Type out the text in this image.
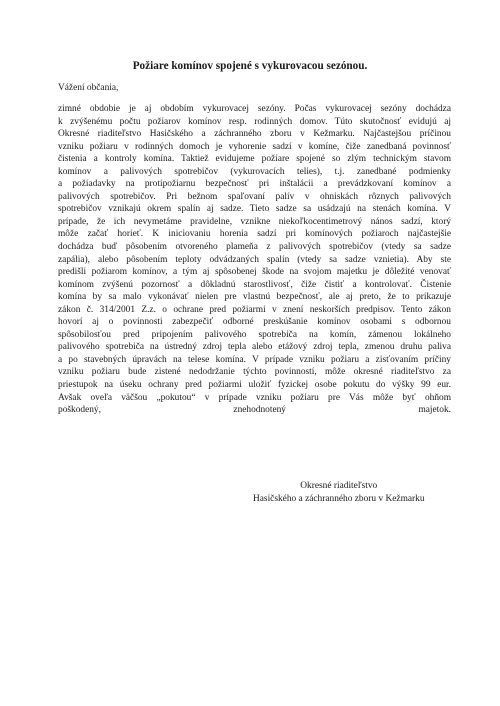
Požiare komínov spojené s vykurovacou sezónou.
Vážení občania,
zimné obdobie je aj obdobím vykurovacej sezóny. Počas vykurovacej sezóny dochádza
k zvýšenému počtu požiarov komínov resp. rodinných domov. Túto skutočnosť evidujú aj
Okresné riaditeľstvo Hasičského a záchranného zboru v Kežmarku. Najčastejšou príčinou
vzniku požiaru v rodinných domoch je vyhorenie sadzí v komíne, čiže zanedbaná povinnosť
čistenia a kontroly komína. Taktiež evidujeme požiare spojené so zlým technickým stavom
komínov a palivových spotrebičov (vykurovacích telies), t.j. zanedbané podmienky
a požiadavky na protipožiarnu bezpečnosť pri inštalácii a prevádzkovaní komínov a
palivových spotrebičov. Pri bežnom spaľovaní palív v ohniskách rôznych palivových
spotrebičov vznikajú okrem spalín aj sadze. Tieto sadze sa usádzajú na stenách komína. V
prípade, že ich nevymetáme pravidelne, vznikne niekoľkocentimetrový nános sadzí, ktorý
môže začať horieť. K iniciovaniu horenia sadzí pri komínových požiaroch najčastejšie
dochádza buď pôsobením otvoreného plameňa z palivových spotrebičov (vtedy sa sadze
zapália), alebo pôsobením teploty odvádzaných spalín (vtedy sa sadze vznietia). Aby ste
predišli požiarom komínov, a tým aj spôsobenej škode na svojom majetku je dôležité venovať
komínom zvýšenú pozornosť a dôkladnú starostlivosť, čiže čistiť a kontrolovať. Čistenie
komína by sa malo vykonávať nielen pre vlastnú bezpečnosť, ale aj preto, že to prikazuje
zákon č. 314/2001 Z.z. o ochrane pred požiarmi v znení neskorších predpisov. Tento zákon
hovorí aj o povinnosti zabezpečiť odborné preskúšanie komínov osobami s odbornou
spôsobilosťou pred pripojením palivového spotrebiča na komín, zámenou lokálneho
palivového spotrebiča na ústredný zdroj tepla alebo etážový zdroj tepla, zmenou druhu paliva
a po stavebných úpravách na telese komína. V prípade vzniku požiaru a zisťovaním príčiny
vzniku požiaru bude zistené nedodržanie týchto povinností, môže okresné riaditeľstvo za
priestupok na úseku ochrany pred požiarmi uložiť fyzickej osobe pokutu do výšky 99 eur.
Avšak oveľa väčšou „pokutou“ v prípade vzniku požiaru pre Vás môže byť ohňom
poškodený, znehodnotený majetok.
Okresné riaditeľstvo
Hasičského a záchranného zboru v Kežmarku
